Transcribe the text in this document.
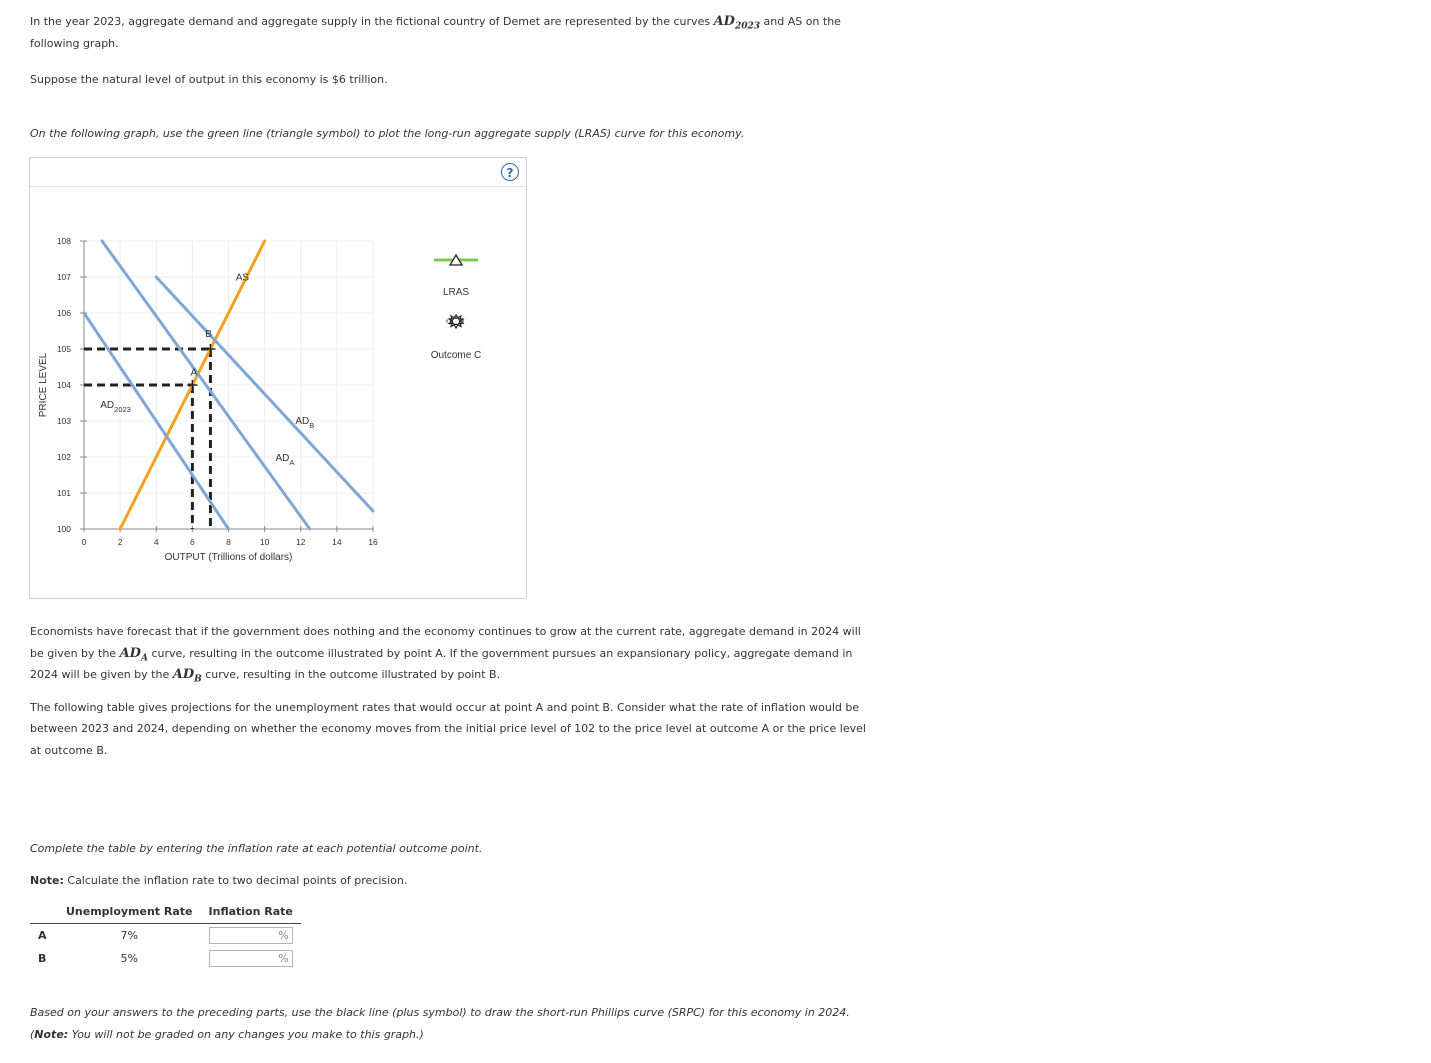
In the year 2023, aggregate demand and aggregate supply in the fictional country of Demet are represented by the curves $AD_{2023}$ and AS on the

following graph.

Suppose the natural level of output in this economy is $6 trillion.

On the following graph, use the green line (triangle symbol) to plot the long-run aggregate supply (LRAS) curve for this economy.

?
0	2	4	6	8	10	12	14	16
100
101
102
103
104
105
106
107
108
OUTPUT (Trillions of dollars)
PRICE LEVEL
AS
A
B
$AD_{2023}$
$AD_A$
$AD_B$
LRAS
Outcome C

Economists have forecast that if the government does nothing and the economy continues to grow at the current rate, aggregate demand in 2024 will

be given by the $AD_A$ curve, resulting in the outcome illustrated by point A. If the government pursues an expansionary policy, aggregate demand in

2024 will be given by the $AD_B$ curve, resulting in the outcome illustrated by point B.

The following table gives projections for the unemployment rates that would occur at point A and point B. Consider what the rate of inflation would be

between 2023 and 2024, depending on whether the economy moves from the initial price level of 102 to the price level at outcome A or the price level

at outcome B.

Complete the table by entering the inflation rate at each potential outcome point.

Note: Calculate the inflation rate to two decimal points of precision.

	Unemployment Rate	Inflation Rate
A	7%	%
B	5%	%

Based on your answers to the preceding parts, use the black line (plus symbol) to draw the short-run Phillips curve (SRPC) for this economy in 2024.

(Note: You will not be graded on any changes you make to this graph.)
